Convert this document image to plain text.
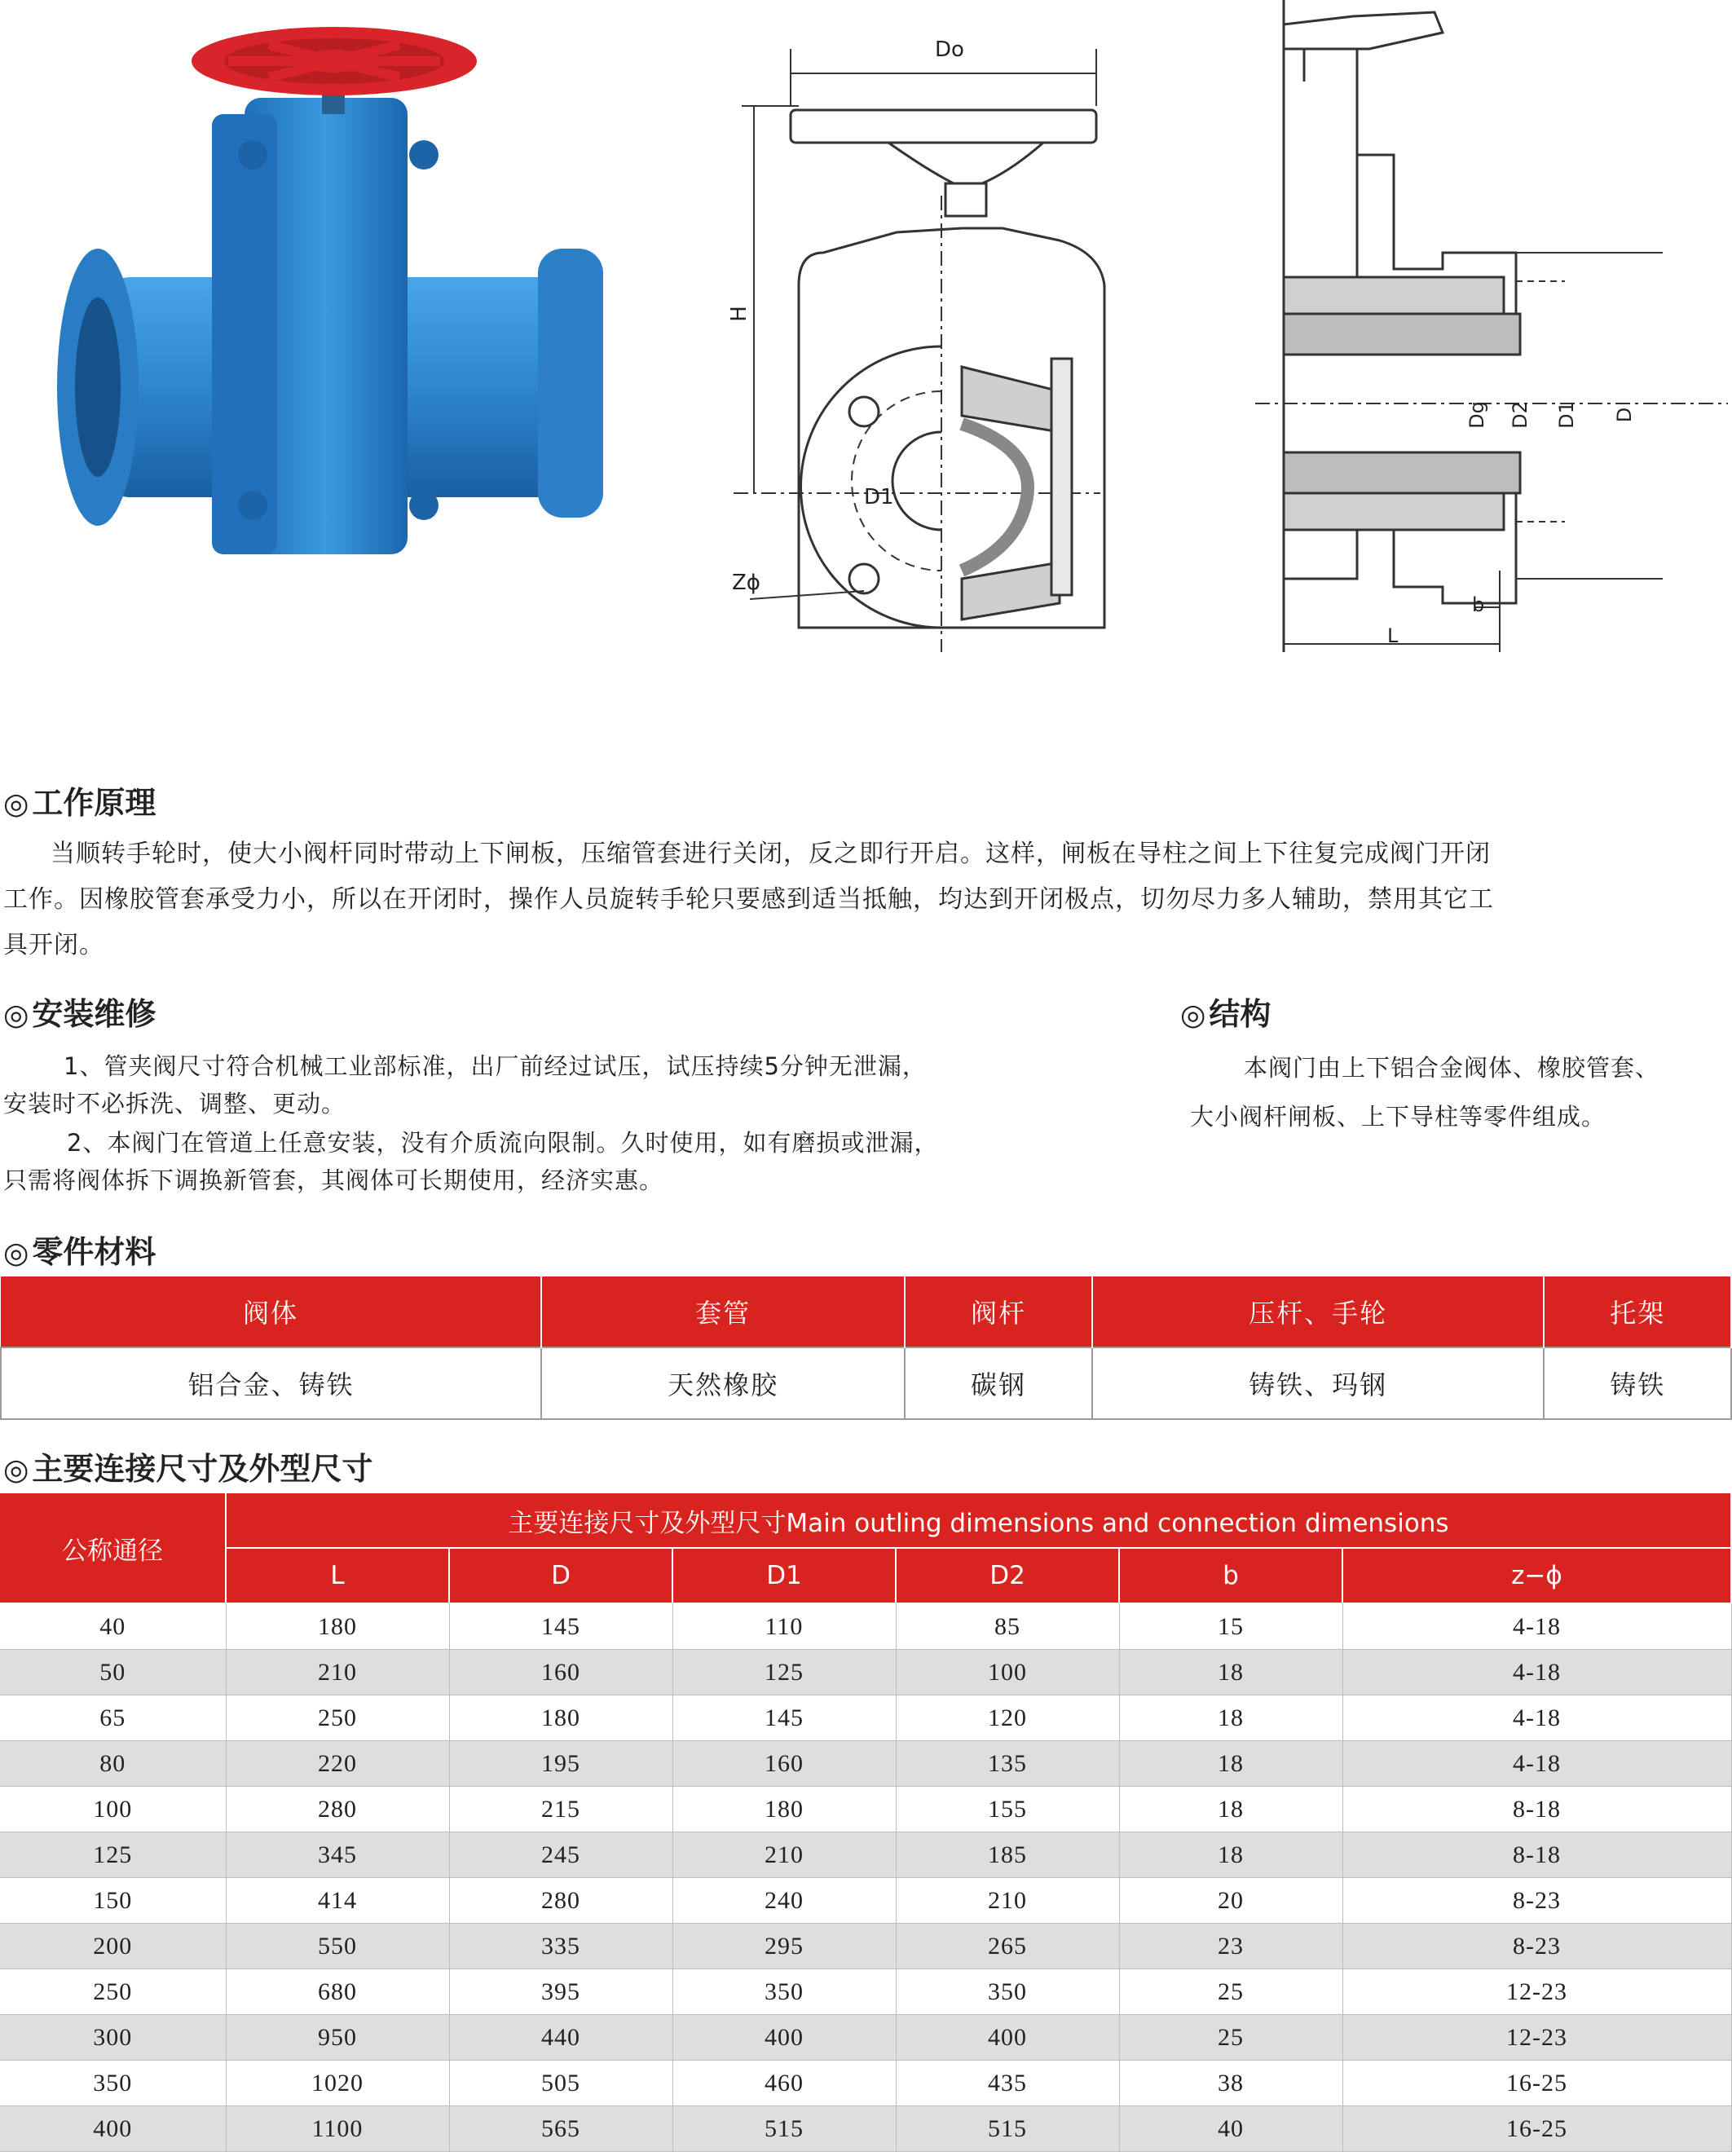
Do
H
D1
Zϕ
Dg D2 D1 D
b
L
◎ 工作原理
当顺转手轮时，使大小阀杆同时带动上下闸板，压缩管套进行关闭，反之即行开启。这样，闸板在导柱之间上下往复完成阀门开闭
工作。因橡胶管套承受力小，所以在开闭时，操作人员旋转手轮只要感到适当抵触，均达到开闭极点，切勿尽力多人辅助，禁用其它工
具开闭。
◎ 安装维修
1、管夹阀尺寸符合机械工业部标准，出厂前经过试压，试压持续5分钟无泄漏，
安装时不必拆洗、调整、更动。
2、本阀门在管道上任意安装，没有介质流向限制。久时使用，如有磨损或泄漏，
只需将阀体拆下调换新管套，其阀体可长期使用，经济实惠。
◎ 结构
本阀门由上下铝合金阀体、橡胶管套、
大小阀杆闸板、上下导柱等零件组成。
◎ 零件材料
阀体	套管	阀杆	压杆、手轮	托架
铝合金、铸铁	天然橡胶	碳钢	铸铁、玛钢	铸铁
◎ 主要连接尺寸及外型尺寸
公称通径	主要连接尺寸及外型尺寸Main outling dimensions and connection dimensions					
	L	D	D1	D2	b	z−ϕ
40	180	145	110	85	15	4-18
50	210	160	125	100	18	4-18
65	250	180	145	120	18	4-18
80	220	195	160	135	18	4-18
100	280	215	180	155	18	8-18
125	345	245	210	185	18	8-18
150	414	280	240	210	20	8-23
200	550	335	295	265	23	8-23
250	680	395	350	350	25	12-23
300	950	440	400	400	25	12-23
350	1020	505	460	435	38	16-25
400	1100	565	515	515	40	16-25
